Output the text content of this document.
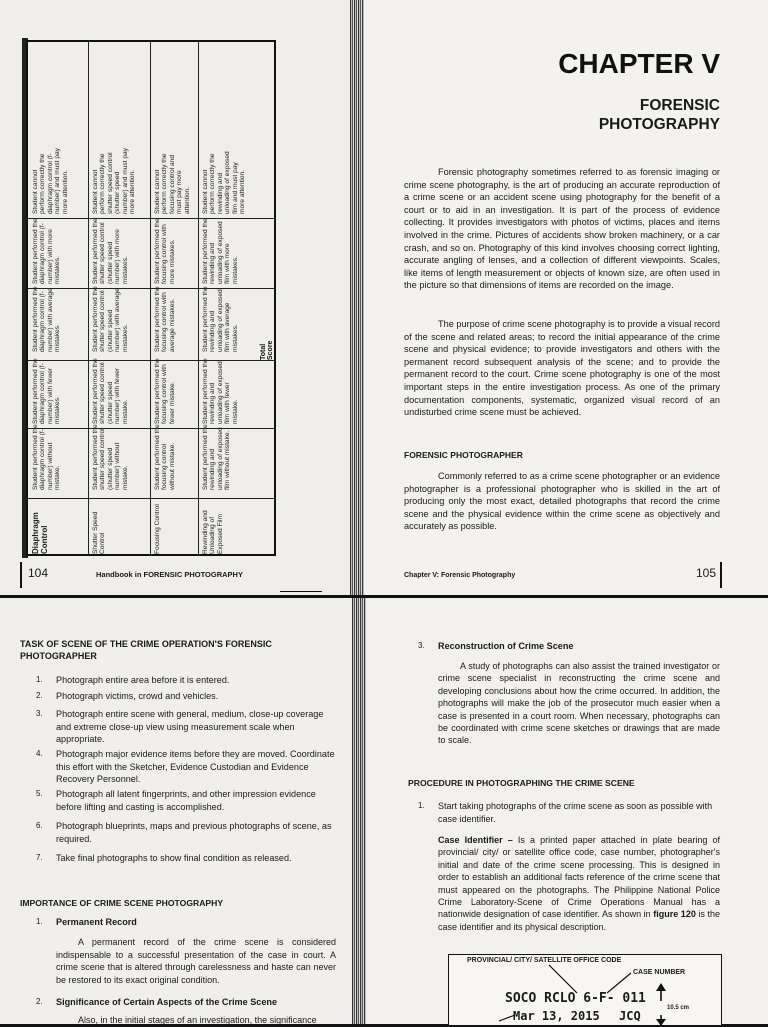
Diaphragm Control
Student performed the diaphragm control (f-number) without mistake.
Student performed the diaphragm control (f-number) with fewer mistakes.
Student performed the diaphragm control (f-number) with average mistakes.
Student performed the diaphragm control (f-number) with more mistakes.
Student cannot perform correctly the diaphragm control (f-number) and must pay more attention.
Shutter Speed Control
Student performed the shutter speed control (shutter speed number) without mistake.
Student performed the shutter speed control (shutter speed number) with fewer mistake.
Student performed the shutter speed control (shutter speed number) with average mistakes.
Student performed the shutter speed control (shutter speed number) with more mistakes.
Student cannot perform correctly the shutter speed control (shutter speed number) and must pay more attention.
Focusing Control
Student performed the focusing control without mistake.
Student performed the focusing control with fewer mistake.
Student performed the focusing control with average mistakes.
Student performed the focusing control with more mistakes.
Student cannot perform correctly the focusing control and must pay more attention.
Rewinding and Unloading of Exposed Film
Student performed the rewinding and unloading of exposed film without mistake.
Student performed the rewinding and unloading of exposed film with fewer mistake.
Student performed the rewinding and unloading of exposed film with average mistakes.
Student performed the rewinding and unloading of exposed film with more mistakes.
Student cannot perform correctly the rewinding and unloading of exposed film and must pay more attention.
Total Score
104	Handbook in FORENSIC PHOTOGRAPHY
CHAPTER V
FORENSIC
PHOTOGRAPHY
Forensic photography sometimes referred to as forensic imaging or crime scene photography, is the art of producing an accurate reproduction of a crime scene or an accident scene using photography for the benefit of a court or to aid in an investigation. It is part of the process of evidence collecting. It provides investigators with photos of victims, places and items involved in the crime. Pictures of accidents show broken machinery, or a car crash, and so on. Photography of this kind involves choosing correct lighting, accurate angling of lenses, and a collection of different viewpoints. Scales, like items of length measurement or objects of known size, are often used in the picture so that dimensions of items are recorded on the image.
The purpose of crime scene photography is to provide a visual record of the scene and related areas; to record the initial appearance of the crime scene and physical evidence; to provide investigators and others with the permanent record subsequent analysis of the scene; and to provide the permanent record to the court. Crime scene photography is one of the most important steps in the entire investigation process. As one of the primary documentation components, systematic, organized visual record of an undisturbed crime scene must be achieved.
FORENSIC PHOTOGRAPHER
Commonly referred to as a crime scene photographer or an evidence photographer is a professional photographer who is skilled in the art of producing only the most exact, detailed photographs that record the crime scene and the physical evidence within the crime scene as objectively and accurately as possible.
Chapter V: Forensic Photography	105
TASK OF SCENE OF THE CRIME OPERATION'S FORENSIC PHOTOGRAPHER
1. Photograph entire area before it is entered.
2. Photograph victims, crowd and vehicles.
3. Photograph entire scene with general, medium, close-up coverage and extreme close-up view using measurement scale when appropriate.
4. Photograph major evidence items before they are moved. Coordinate this effort with the Sketcher, Evidence Custodian and Evidence Recovery Personnel.
5. Photograph all latent fingerprints, and other impression evidence before lifting and casting is accomplished.
6. Photograph blueprints, maps and previous photographs of scene, as required.
7. Take final photographs to show final condition as released.
IMPORTANCE OF CRIME SCENE PHOTOGRAPHY
1. Permanent Record
A permanent record of the crime scene is considered indispensable to a successful presentation of the case in court. A crime scene that is altered through carelessness and haste can never be restored to its exact original condition.
2. Significance of Certain Aspects of the Crime Scene
Also, in the initial stages of an investigation, the significance
3. Reconstruction of Crime Scene
A study of photographs can also assist the trained investigator or crime scene specialist in reconstructing the crime scene and developing conclusions about how the crime occurred. In addition, the photographs will make the job of the prosecutor much easier when a case is presented in a court room. When necessary, photographs can be coordinated with crime scene sketches or drawings that are made to scale.
PROCEDURE IN PHOTOGRAPHING THE CRIME SCENE
1. Start taking photographs of the crime scene as soon as possible with case identifier.
Case Identifier – Is a printed paper attached in plate bearing of provincial/ city/ or satellite office code, case number, photographer's initial and date of the crime scene processing. This is designed in order to establish an additional facts reference of the crime scene that must appeared on the photographs. The Philippine National Police Crime Laboratory-Scene of Crime Operations Manual has a nationwide designation of case identifier. As shown in figure 120 is the case identifier and its physical description.
PROVINCIAL/ CITY/ SATELLITE OFFICE CODE
CASE NUMBER
SOCO RCLO 6-F- 011
Mar 13, 2015 JCQ
10.5 cm
